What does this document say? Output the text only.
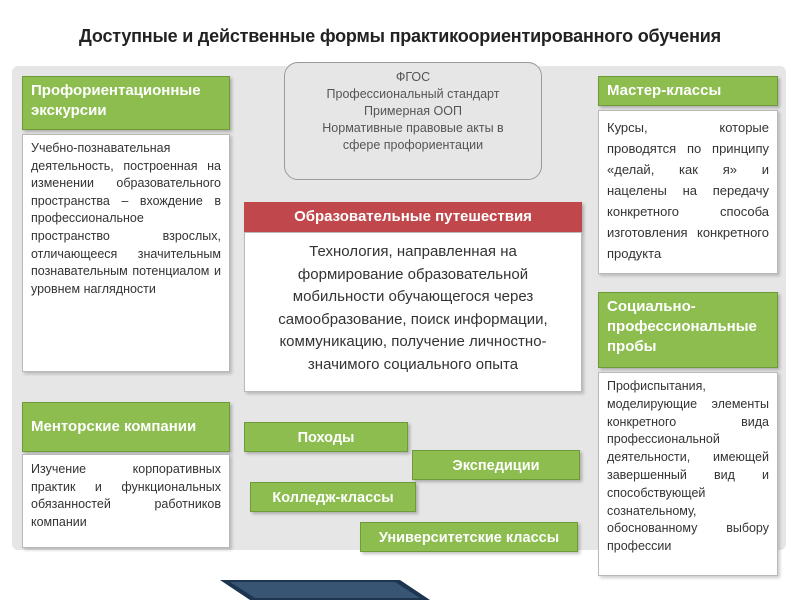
Доступные и действенные формы практикоориентированного обучения
ФГОС
Профессиональный стандарт
Примерная ООП
Нормативные правовые акты в
сфере профориентации
Профориентационные
экскурсии
Учебно-познавательная деятельность, построенная на изменении образовательного пространства – вхождение в профессиональное пространство взрослых, отличающееся значительным познавательным потенциалом и уровнем наглядности
Менторские компании
Изучение корпоративных практик и функциональных обязанностей работников компании
Образовательные путешествия
Технология, направленная на
формирование образовательной
мобильности обучающегося через
самообразование, поиск информации,
коммуникацию, получение личностно-
значимого социального опыта
Походы
Экспедиции
Колледж-классы
Университетские классы
Мастер-классы
Курсы, которые проводятся по принципу «делай, как я» и нацелены на передачу конкретного способа изготовления конкретного продукта
Социально-
профессиональные
пробы
Профиспытания, моделирующие элементы конкретного вида профессиональной деятельности, имеющей завершенный вид и способствующей сознательному, обоснованному выбору профессии
